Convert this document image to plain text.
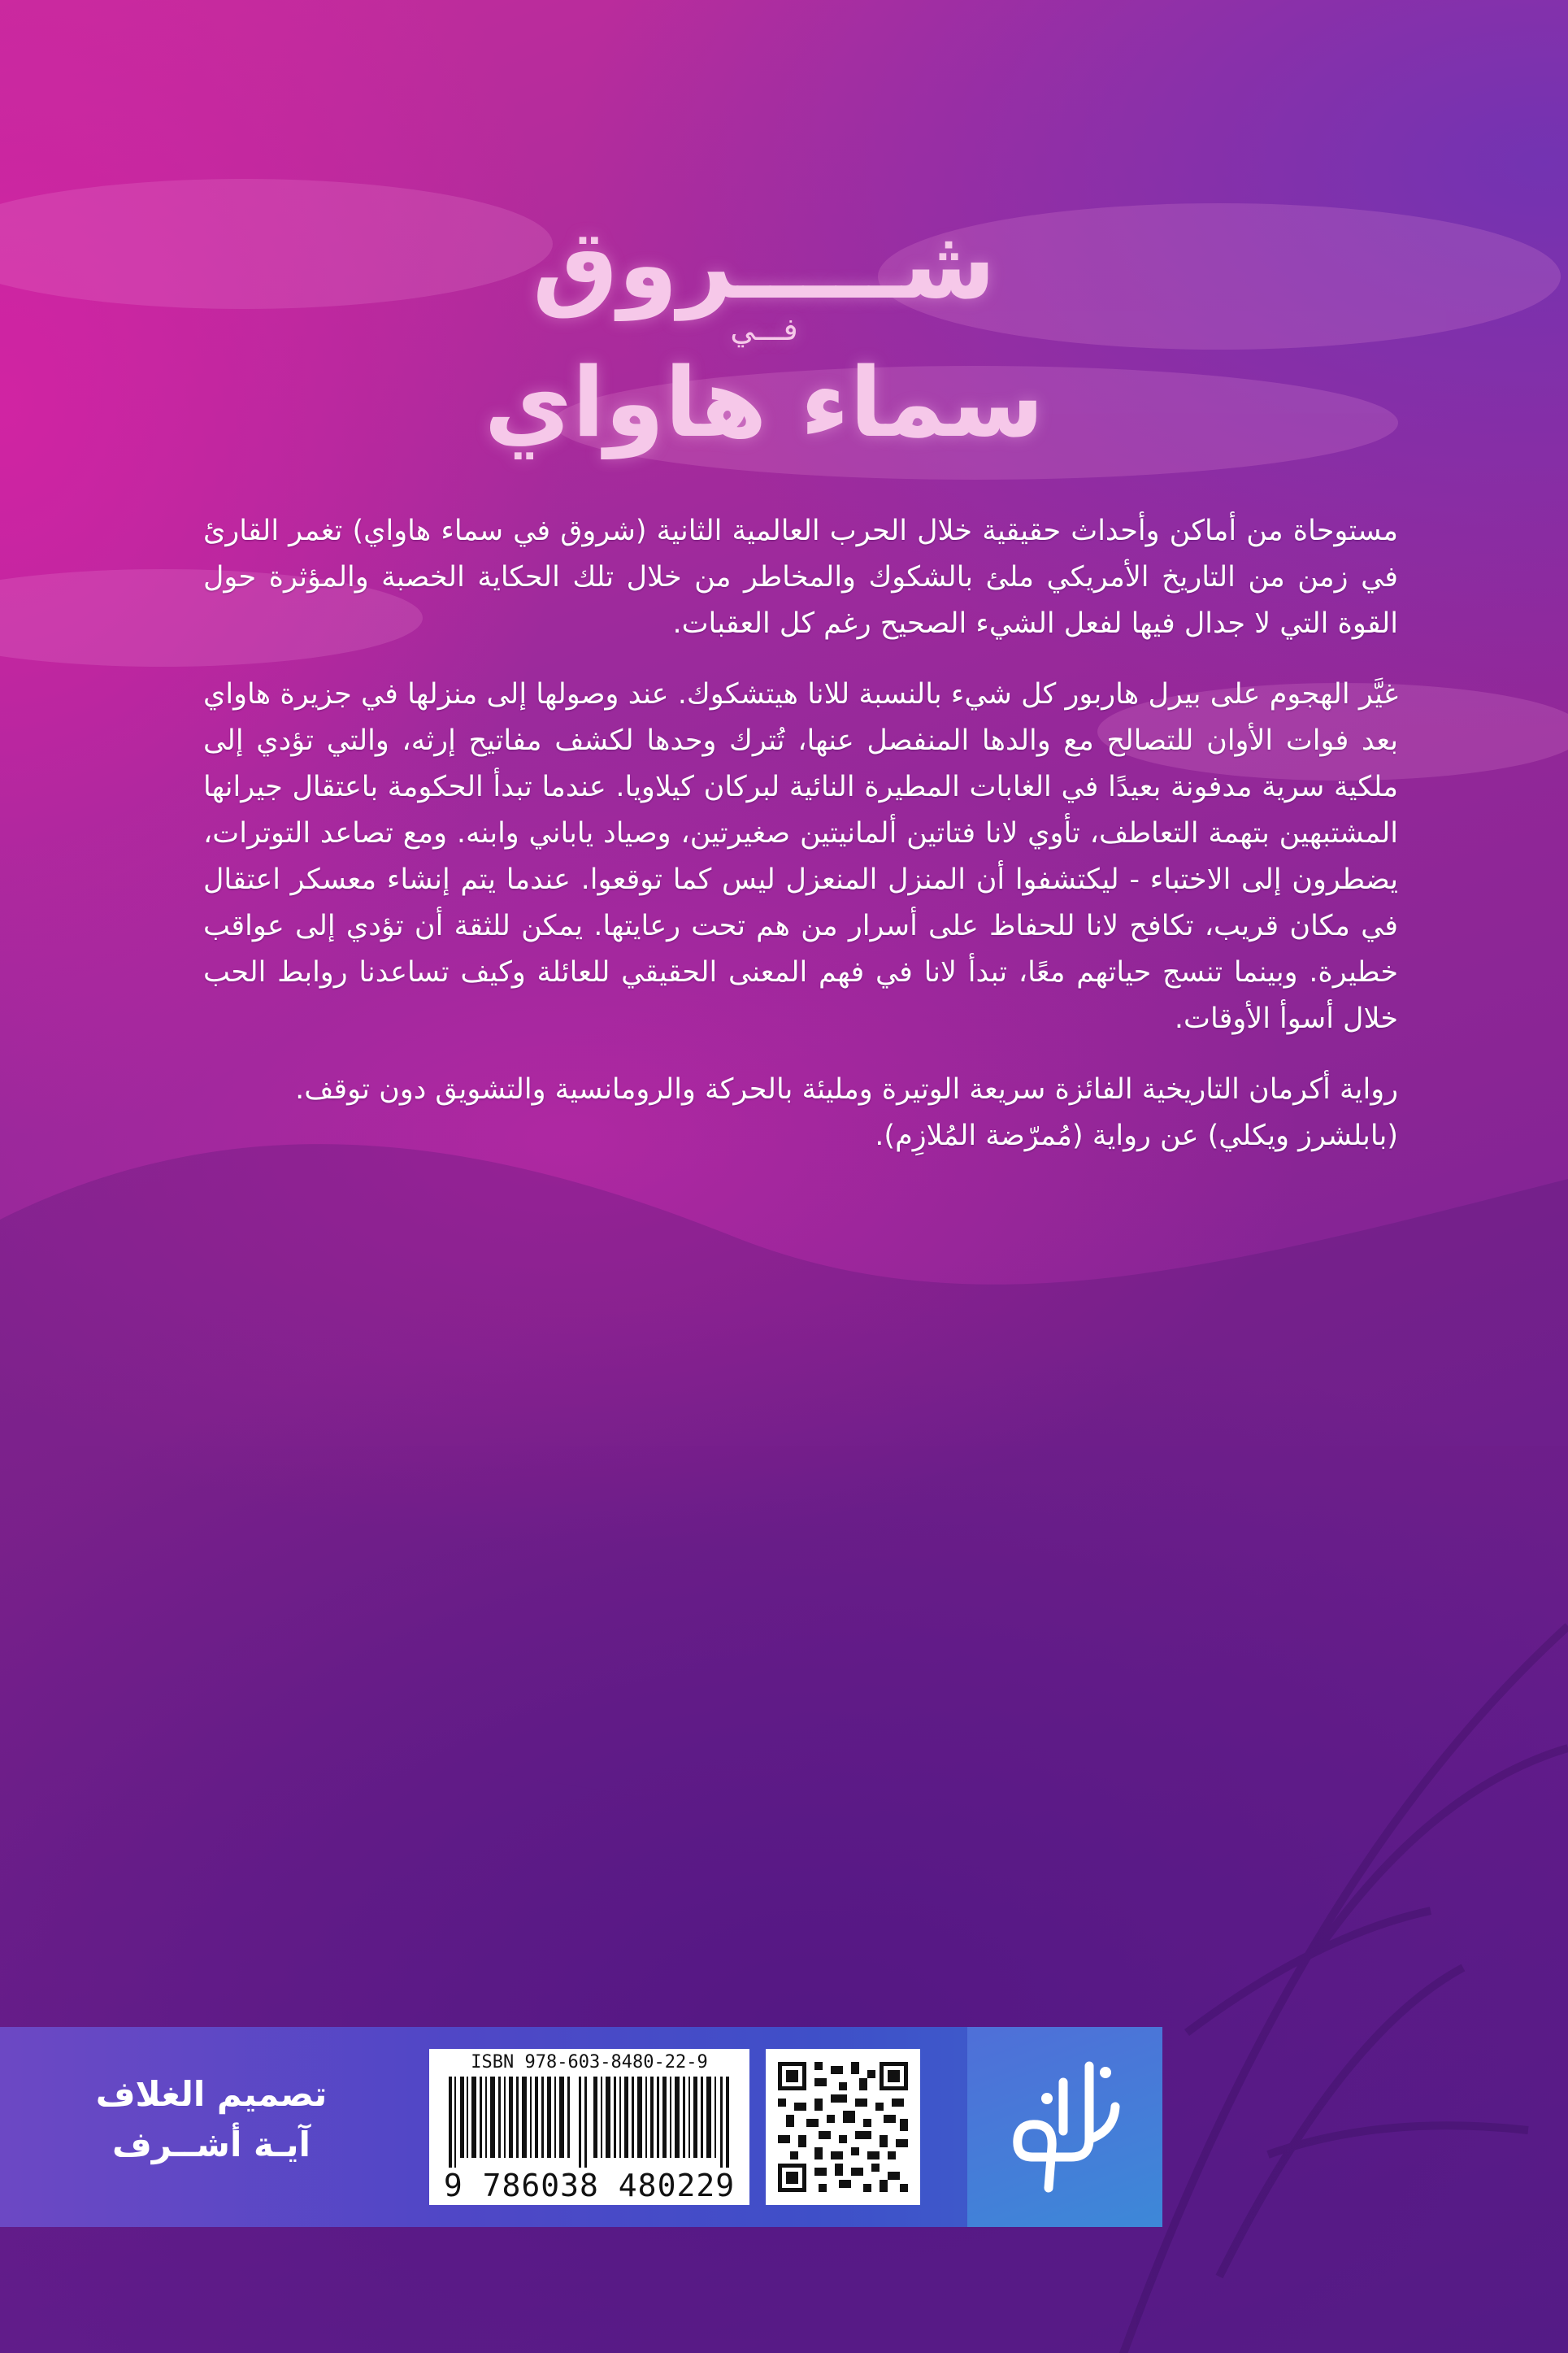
شـــــروق
فـــي
سماء هاواي

مستوحاة من أماكن وأحداث حقيقية خلال الحرب العالمية الثانية (شروق في سماء هاواي) تغمر القارئ في زمن من التاريخ الأمريكي ملئ بالشكوك والمخاطر من خلال تلك الحكاية الخصبة والمؤثرة حول القوة التي لا جدال فيها لفعل الشيء الصحيح رغم كل العقبات.

غيَّر الهجوم على بيرل هاربور كل شيء بالنسبة للانا هيتشكوك. عند وصولها إلى منزلها في جزيرة هاواي بعد فوات الأوان للتصالح مع والدها المنفصل عنها، تُترك وحدها لكشف مفاتيح إرثه، والتي تؤدي إلى ملكية سرية مدفونة بعيدًا في الغابات المطيرة النائية لبركان كيلاويا. عندما تبدأ الحكومة باعتقال جيرانها المشتبهين بتهمة التعاطف، تأوي لانا فتاتين ألمانيتين صغيرتين، وصياد ياباني وابنه. ومع تصاعد التوترات، يضطرون إلى الاختباء - ليكتشفوا أن المنزل المنعزل ليس كما توقعوا. عندما يتم إنشاء معسكر اعتقال في مكان قريب، تكافح لانا للحفاظ على أسرار من هم تحت رعايتها. يمكن للثقة أن تؤدي إلى عواقب خطيرة. وبينما تنسج حياتهم معًا، تبدأ لانا في فهم المعنى الحقيقي للعائلة وكيف تساعدنا روابط الحب خلال أسوأ الأوقات.

رواية أكرمان التاريخية الفائزة سريعة الوتيرة ومليئة بالحركة والرومانسية والتشويق دون توقف.
(بابلشرز ويكلي) عن رواية (مُمرّضة المُلازِم).

تصميم الغلاف
آيـة أشــرف
ISBN 978-603-8480-22-9
9 786038 480229
